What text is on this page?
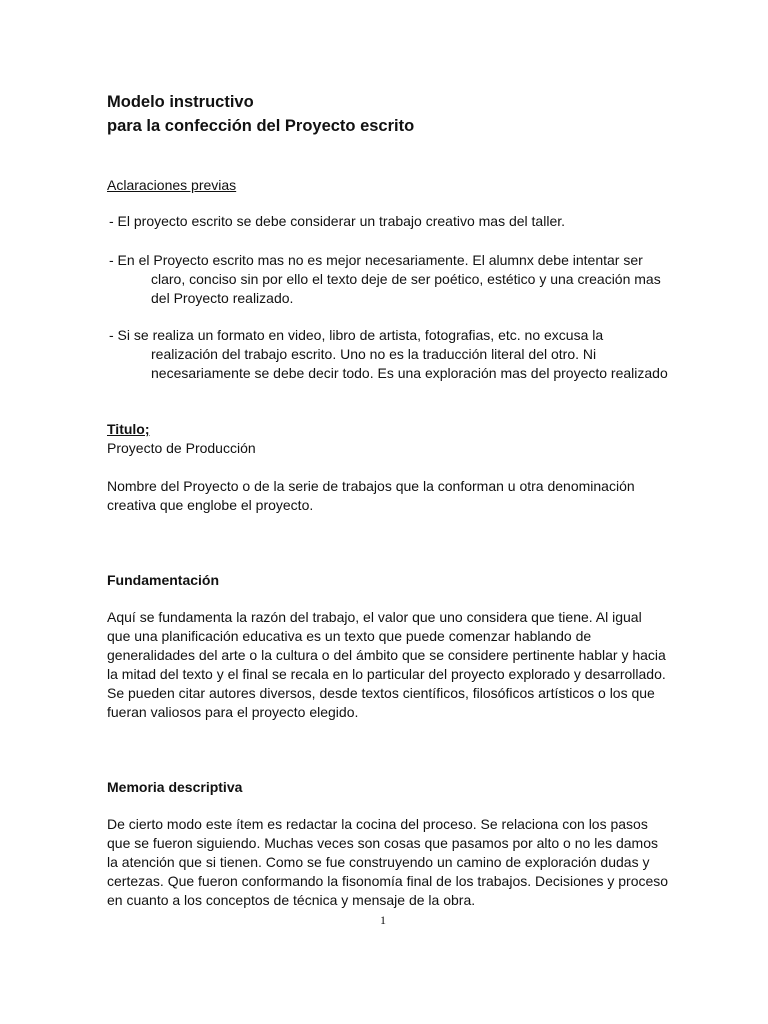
Modelo instructivo
para la confección del Proyecto escrito
Aclaraciones previas
- El proyecto escrito se debe considerar un trabajo creativo mas del taller.
- En el Proyecto escrito mas no es mejor necesariamente. El alumnx debe intentar ser
claro, conciso sin por ello el texto deje de ser poético, estético y una creación mas
del Proyecto realizado.
- Si se realiza un formato en video, libro de artista, fotografias, etc. no excusa la
realización del trabajo escrito. Uno no es la traducción literal del otro. Ni
necesariamente se debe decir todo. Es una exploración mas del proyecto realizado
Titulo;
Proyecto de Producción
Nombre del Proyecto o de la serie de trabajos que la conforman u otra denominación
creativa que englobe el proyecto.
Fundamentación
Aquí se fundamenta la razón del trabajo, el valor que uno considera que tiene. Al igual
que una planificación educativa es un texto que puede comenzar hablando de
generalidades del arte o la cultura o del ámbito que se considere pertinente hablar y hacia
la mitad del texto y el final se recala en lo particular del proyecto explorado y desarrollado.
Se pueden citar autores diversos, desde textos científicos, filosóficos artísticos o los que
fueran valiosos para el proyecto elegido.
Memoria descriptiva
De cierto modo este ítem es redactar la cocina del proceso. Se relaciona con los pasos
que se fueron siguiendo. Muchas veces son cosas que pasamos por alto o no les damos
la atención que si tienen. Como se fue construyendo un camino de exploración dudas y
certezas. Que fueron conformando la fisonomía final de los trabajos. Decisiones y proceso
en cuanto a los conceptos de técnica y mensaje de la obra.
1
